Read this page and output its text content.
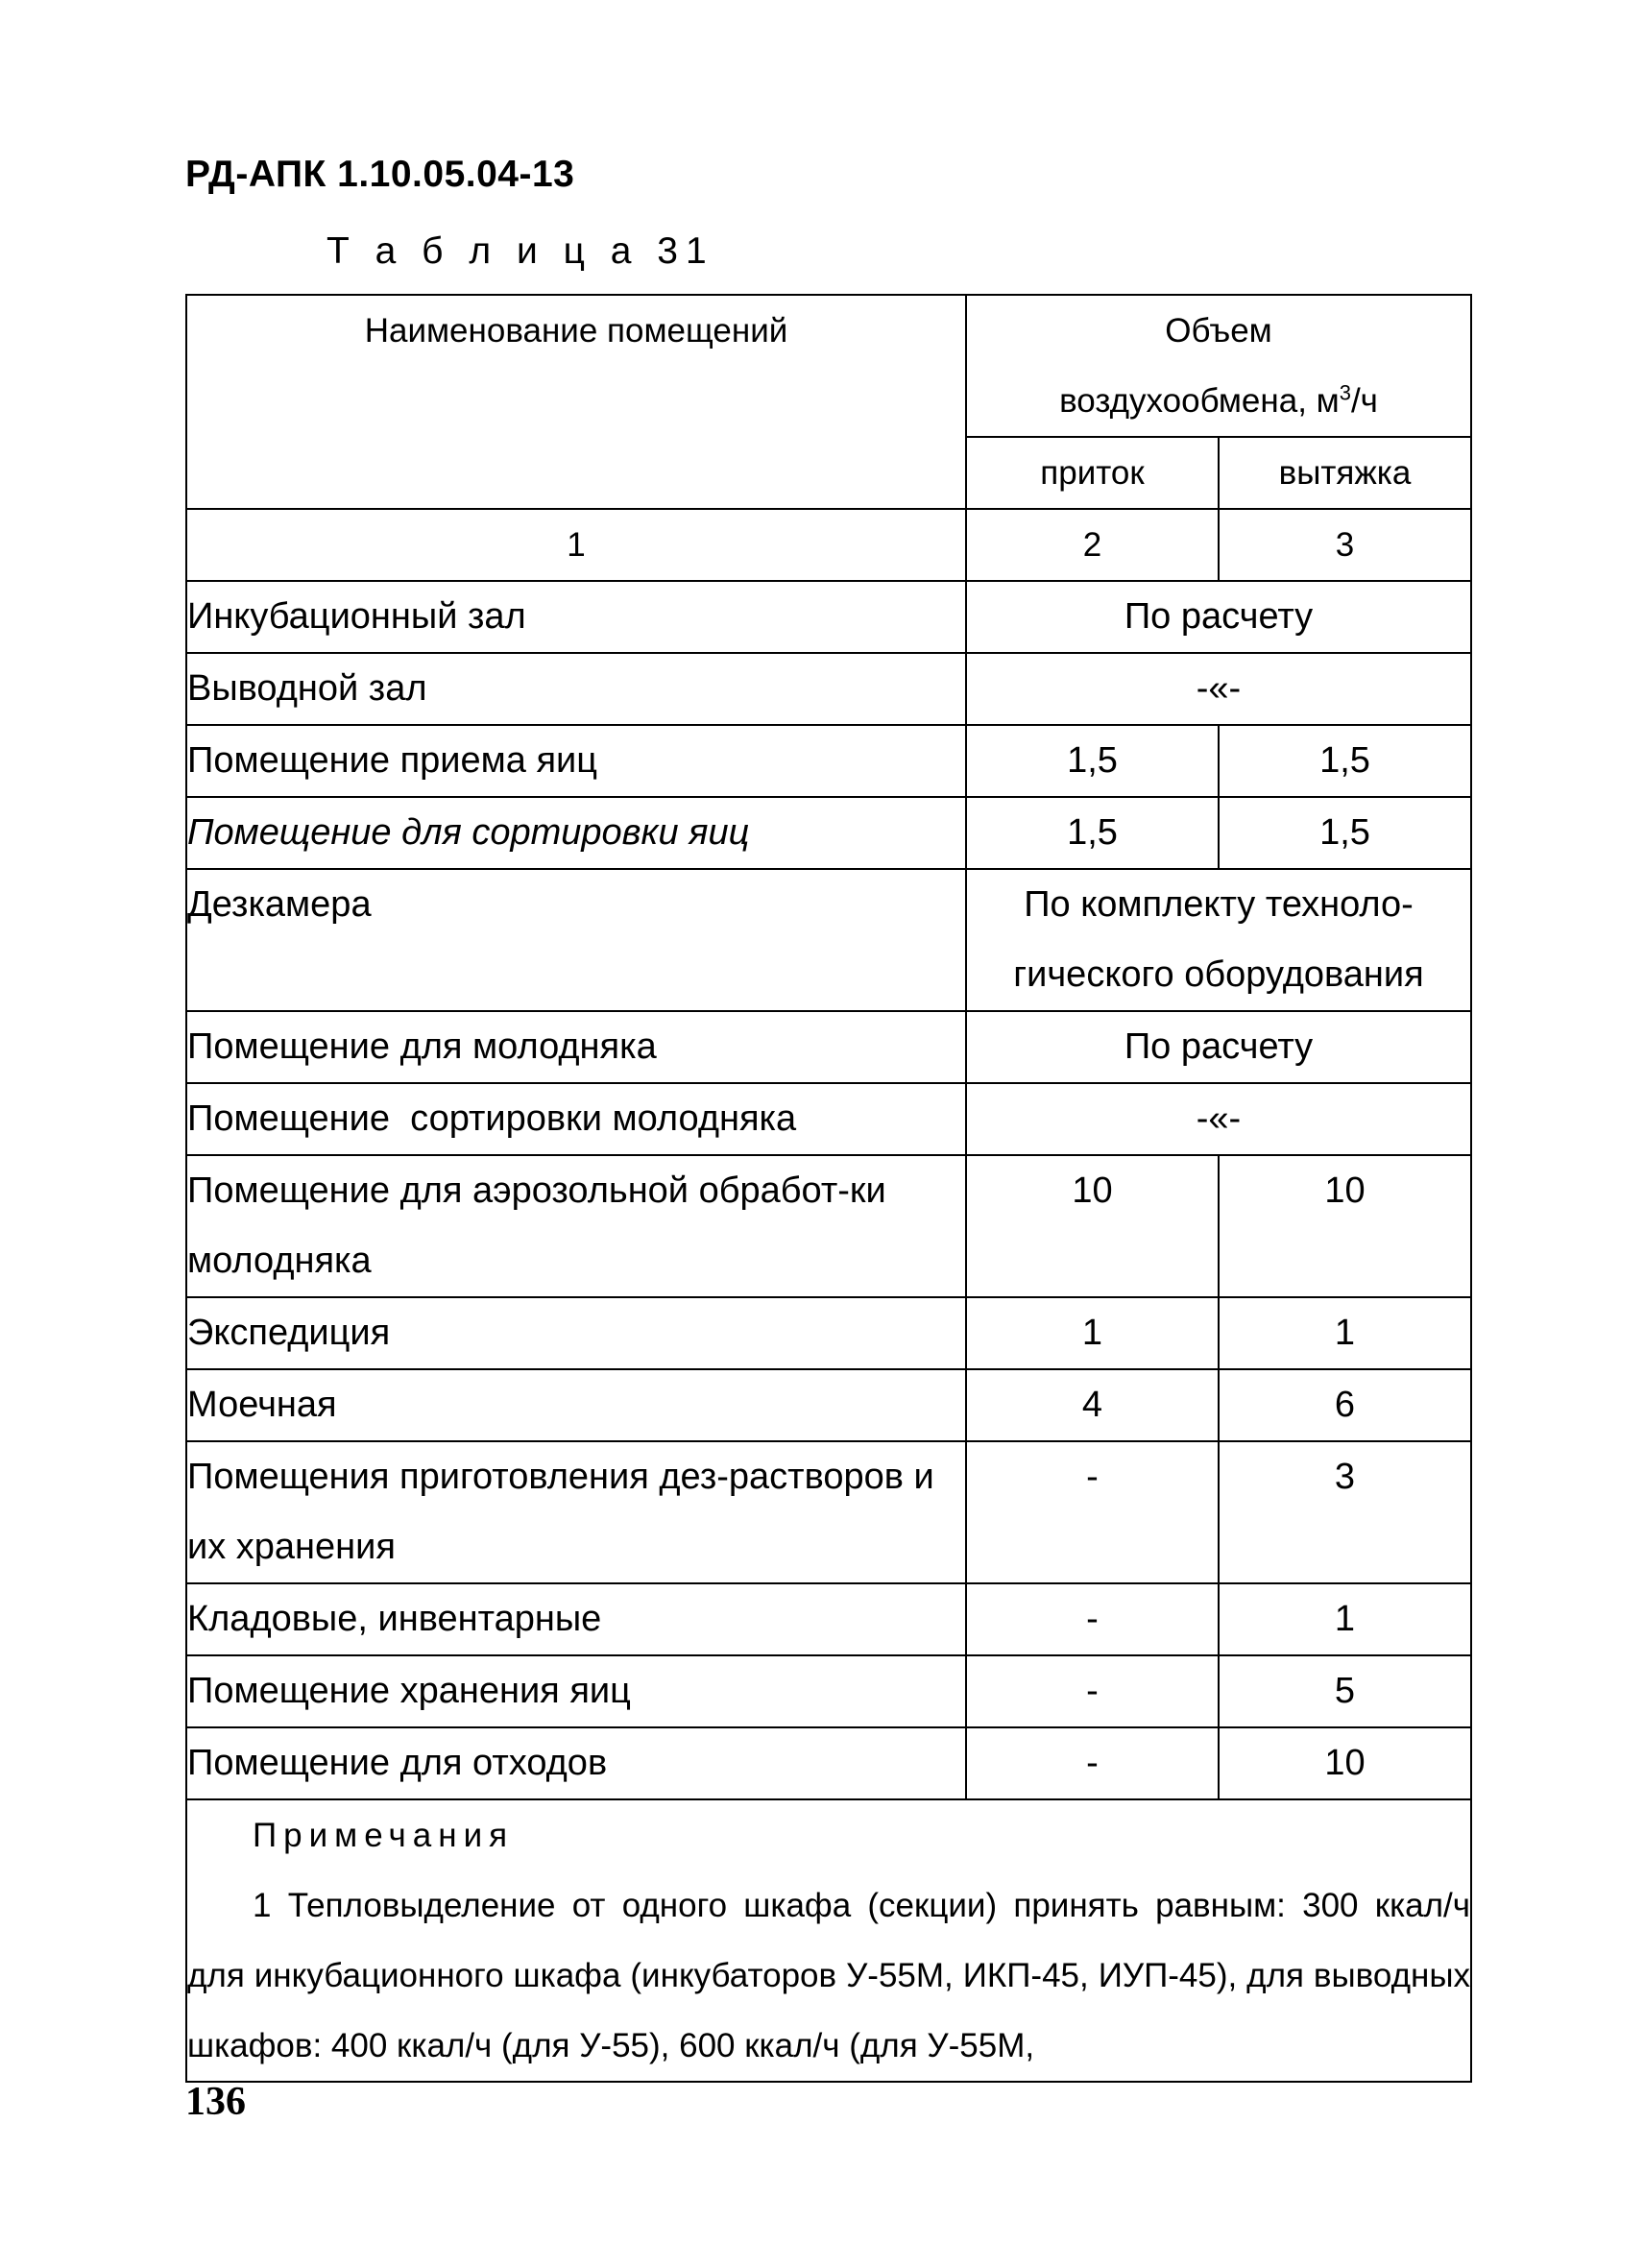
РД-АПК 1.10.05.04-13
Т а б л и ц а 31
Наименование помещений	Объем
воздухообмена, $м^3/ч$	
	приток	вытяжка
1	2	3
Инкубационный зал	По расчету	
Выводной зал	-«-	
Помещение приема яиц	1,5	1,5
Помещение для сортировки яиц	1,5	1,5
Дезкамера	По комплекту техноло-гического оборудования	
Помещение для молодняка	По расчету	
Помещение  сортировки молодняка	-«-	
Помещение для аэрозольной обработ-ки молодняка	10	10
Экспедиция	1	1
Моечная	4	6
Помещения приготовления дез-растворов и их хранения	-	3
Кладовые, инвентарные	-	1
Помещение хранения яиц	-	5
Помещение для отходов	-	10

Примечания
1 Тепловыделение от одного шкафа (секции) принять равным: 300 ккал/ч для инкубационного шкафа (инкубаторов У-55М, ИКП-45, ИУП-45), для выводных шкафов: 400 ккал/ч (для У-55), 600 ккал/ч (для У-55М,		
136
